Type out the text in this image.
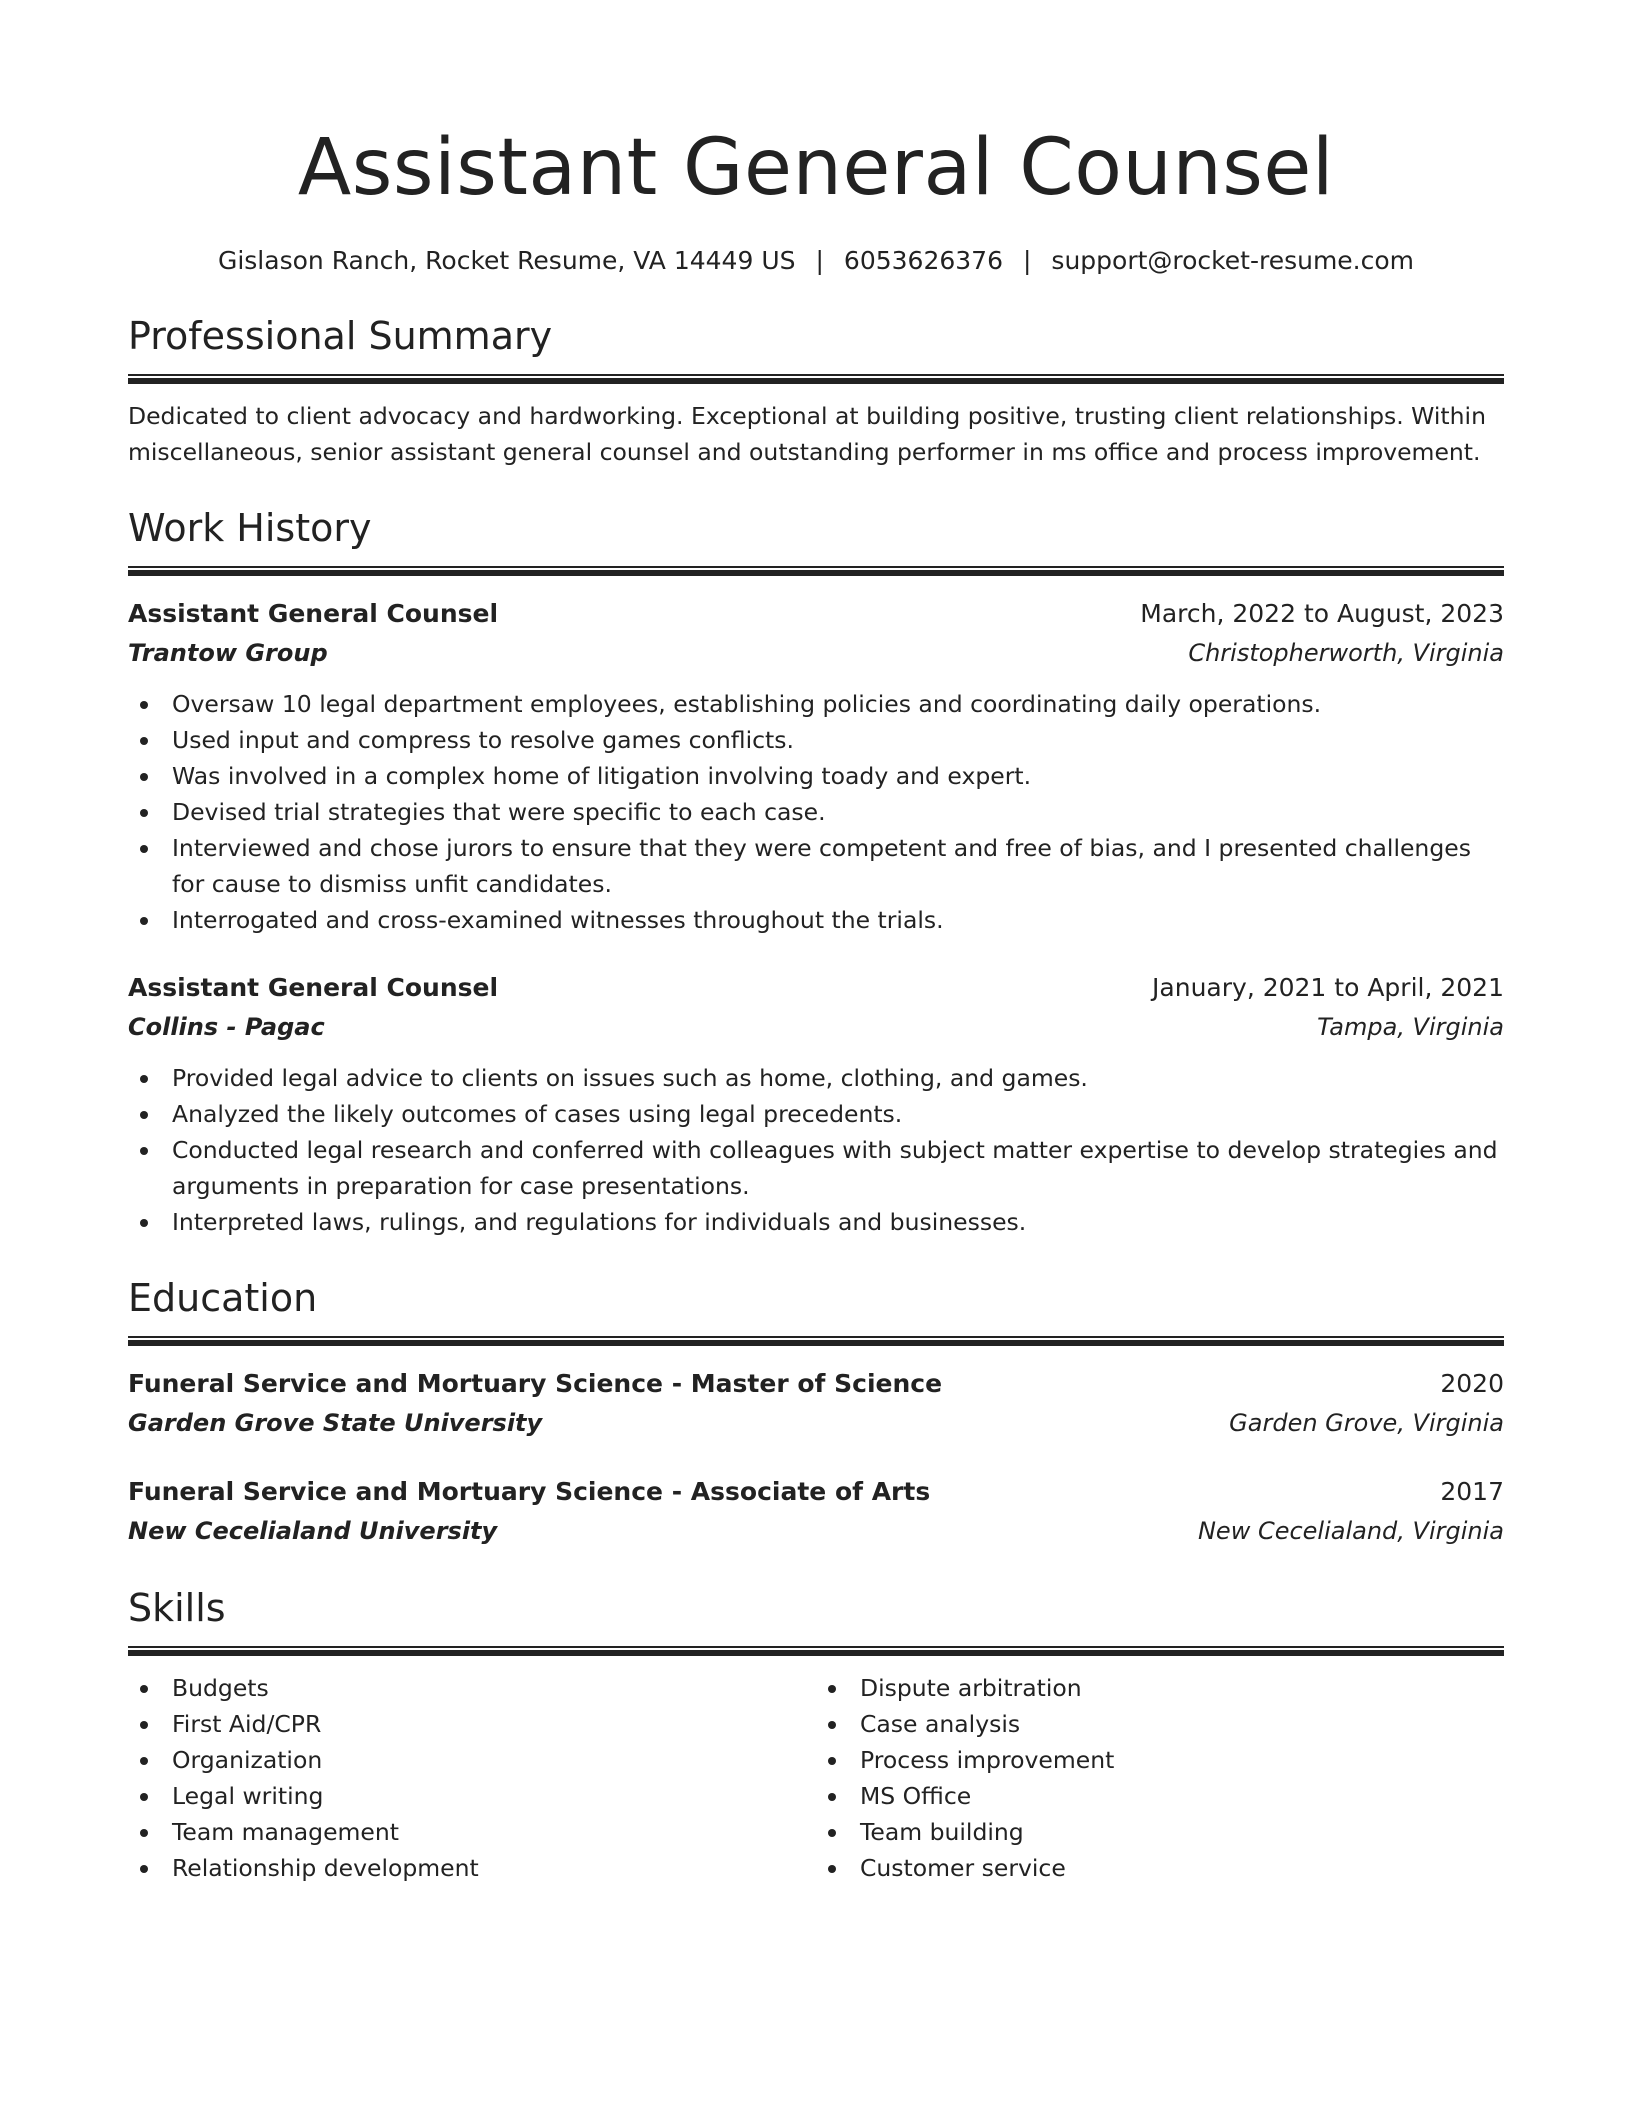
Assistant General Counsel
Gislason Ranch, Rocket Resume, VA 14449 US | 6053626376 | support@rocket-resume.com
Professional Summary

Dedicated to client advocacy and hardworking. Exceptional at building positive, trusting client relationships. Within miscellaneous, senior assistant general counsel and outstanding performer in ms office and process improvement.

Work History
Assistant General Counsel	March, 2022 to August, 2023
Trantow Group	Christopherworth, Virginia
Oversaw 10 legal department employees, establishing policies and coordinating daily operations.
Used input and compress to resolve games conflicts.
Was involved in a complex home of litigation involving toady and expert.
Devised trial strategies that were specific to each case.
Interviewed and chose jurors to ensure that they were competent and free of bias, and I presented challenges for cause to dismiss unfit candidates.
Interrogated and cross-examined witnesses throughout the trials.
Assistant General Counsel	January, 2021 to April, 2021
Collins - Pagac	Tampa, Virginia
Provided legal advice to clients on issues such as home, clothing, and games.
Analyzed the likely outcomes of cases using legal precedents.
Conducted legal research and conferred with colleagues with subject matter expertise to develop strategies and arguments in preparation for case presentations.
Interpreted laws, rulings, and regulations for individuals and businesses.
Education
Funeral Service and Mortuary Science - Master of Science	2020
Garden Grove State University	Garden Grove, Virginia
Funeral Service and Mortuary Science - Associate of Arts	2017
New Cecelialand University	New Cecelialand, Virginia
Skills
Budgets
First Aid/CPR
Organization
Legal writing
Team management
Relationship development
Dispute arbitration
Case analysis
Process improvement
MS Office
Team building
Customer service
